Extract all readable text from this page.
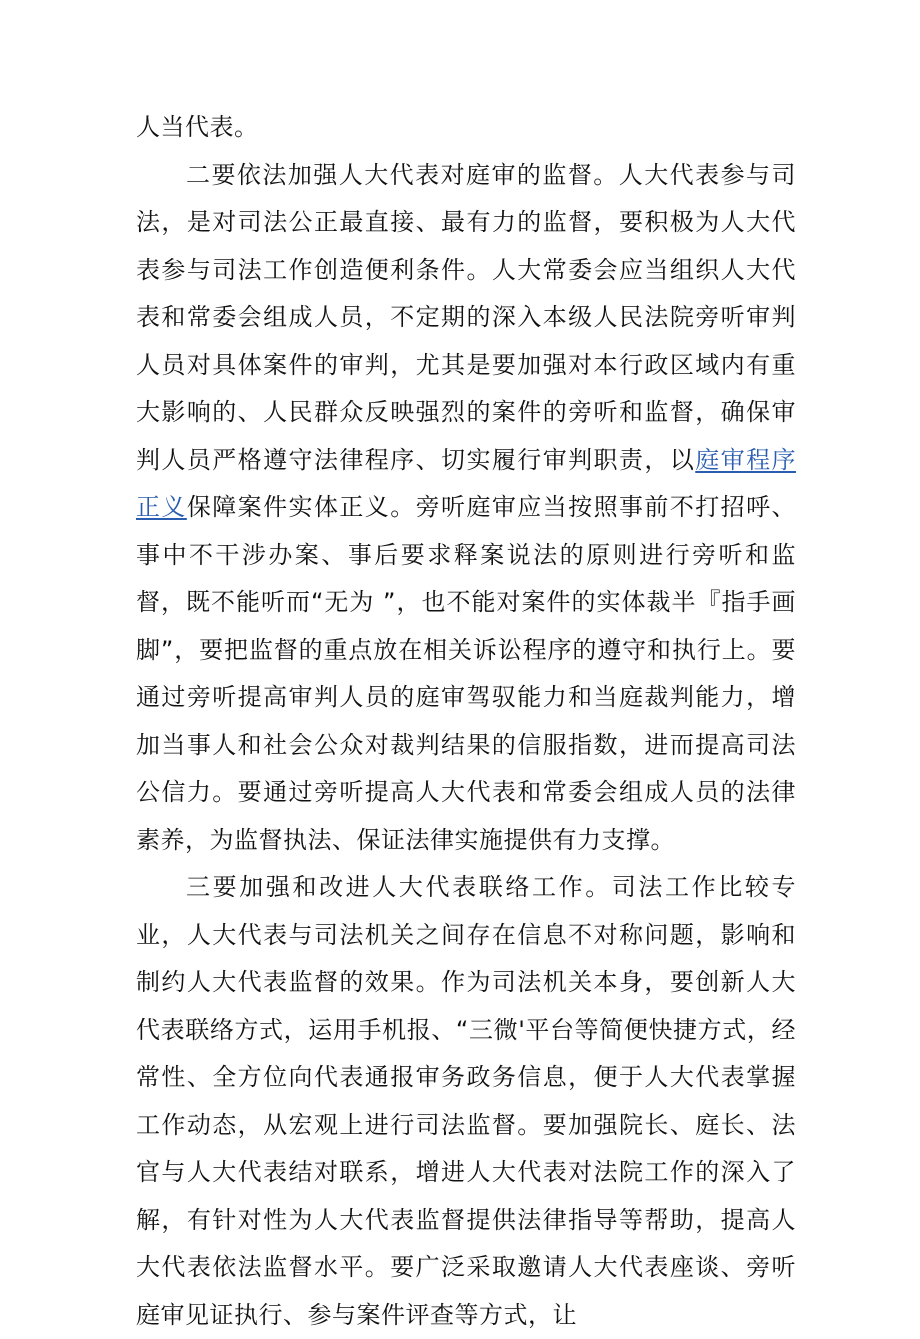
人当代表。

二要依法加强人大代表对庭审的监督。人大代表参与司法，是对司法公正最直接、最有力的监督，要积极为人大代表参与司法工作创造便利条件。人大常委会应当组织人大代表和常委会组成人员，不定期的深入本级人民法院旁听审判人员对具体案件的审判，尤其是要加强对本行政区域内有重大影响的、人民群众反映强烈的案件的旁听和监督，确保审判人员严格遵守法律程序、切实履行审判职责，以庭审程序正义保障案件实体正义。旁听庭审应当按照事前不打招呼、事中不干涉办案、事后要求释案说法的原则进行旁听和监督，既不能听而“无为 ”，也不能对案件的实体裁半『指手画脚”，要把监督的重点放在相关诉讼程序的遵守和执行上。要通过旁听提高审判人员的庭审驾驭能力和当庭裁判能力，增加当事人和社会公众对裁判结果的信服指数，进而提高司法公信力。要通过旁听提高人大代表和常委会组成人员的法律素养，为监督执法、保证法律实施提供有力支撑。

三要加强和改进人大代表联络工作。司法工作比较专业，人大代表与司法机关之间存在信息不对称问题，影响和制约人大代表监督的效果。作为司法机关本身，要创新人大代表联络方式，运用手机报、“三微'平台等简便快捷方式，经常性、全方位向代表通报审务政务信息，便于人大代表掌握工作动态，从宏观上进行司法监督。要加强院长、庭长、法官与人大代表结对联系，增进人大代表对法院工作的深入了解，有针对性为人大代表监督提供法律指导等帮助，提高人大代表依法监督水平。要广泛采取邀请人大代表座谈、旁听庭审见证执行、参与案件评查等方式，让
